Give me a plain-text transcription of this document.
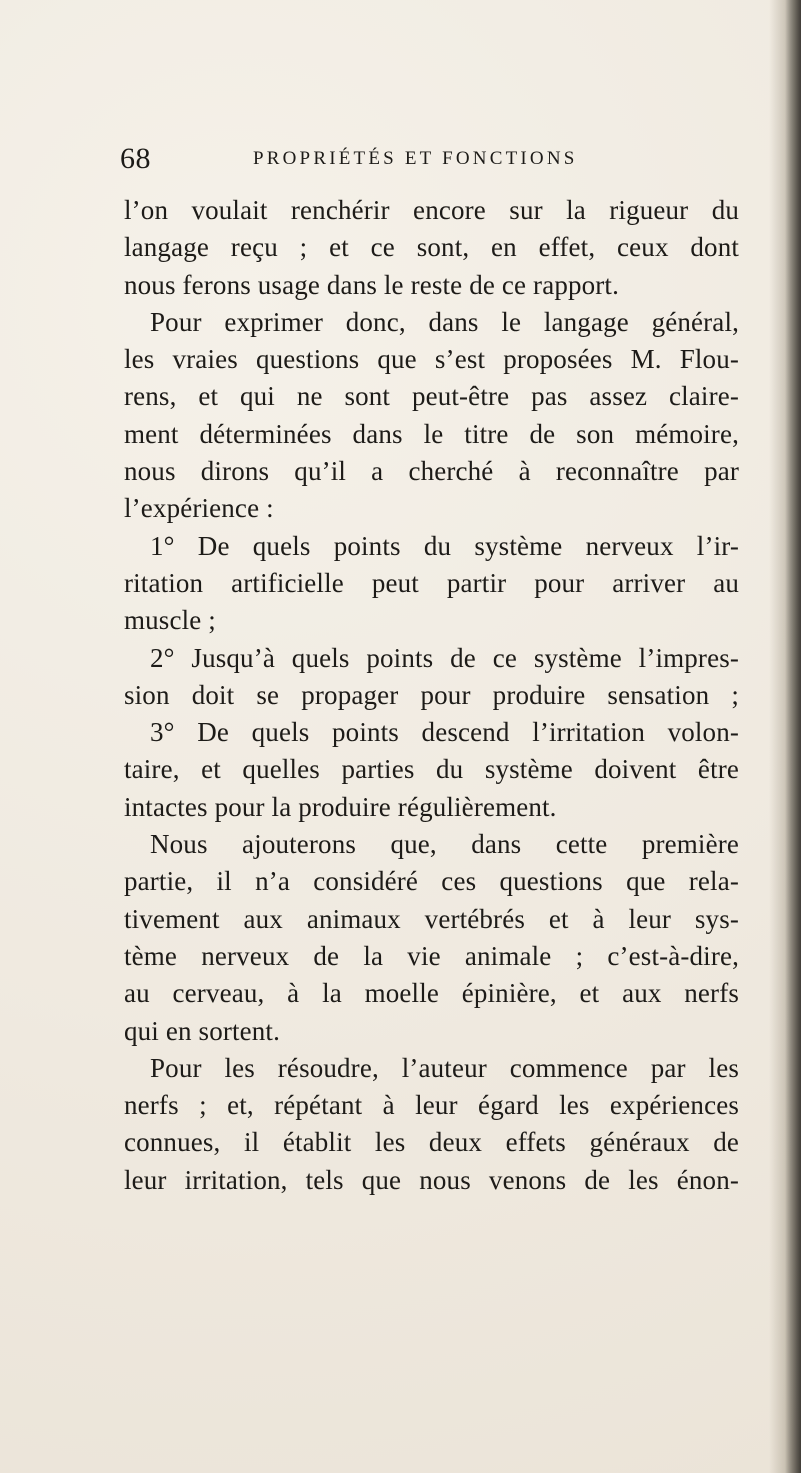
68	PROPRIÉTÉS ET FONCTIONS
l’on voulait renchérir encore sur la rigueur du
langage reçu ; et ce sont, en effet, ceux dont
nous ferons usage dans le reste de ce rapport.
Pour exprimer donc, dans le langage général,
les vraies questions que s’est proposées M. Flou-
rens, et qui ne sont peut-être pas assez claire-
ment déterminées dans le titre de son mémoire,
nous dirons qu’il a cherché à reconnaître par
l’expérience :
1° De quels points du système nerveux l’ir-
ritation artificielle peut partir pour arriver au
muscle ;
2° Jusqu’à quels points de ce système l’impres-
sion doit se propager pour produire sensation ;
3° De quels points descend l’irritation volon-
taire, et quelles parties du système doivent être
intactes pour la produire régulièrement.
Nous ajouterons que, dans cette première
partie, il n’a considéré ces questions que rela-
tivement aux animaux vertébrés et à leur sys-
tème nerveux de la vie animale ; c’est-à-dire,
au cerveau, à la moelle épinière, et aux nerfs
qui en sortent.
Pour les résoudre, l’auteur commence par les
nerfs ; et, répétant à leur égard les expériences
connues, il établit les deux effets généraux de
leur irritation, tels que nous venons de les énon-
